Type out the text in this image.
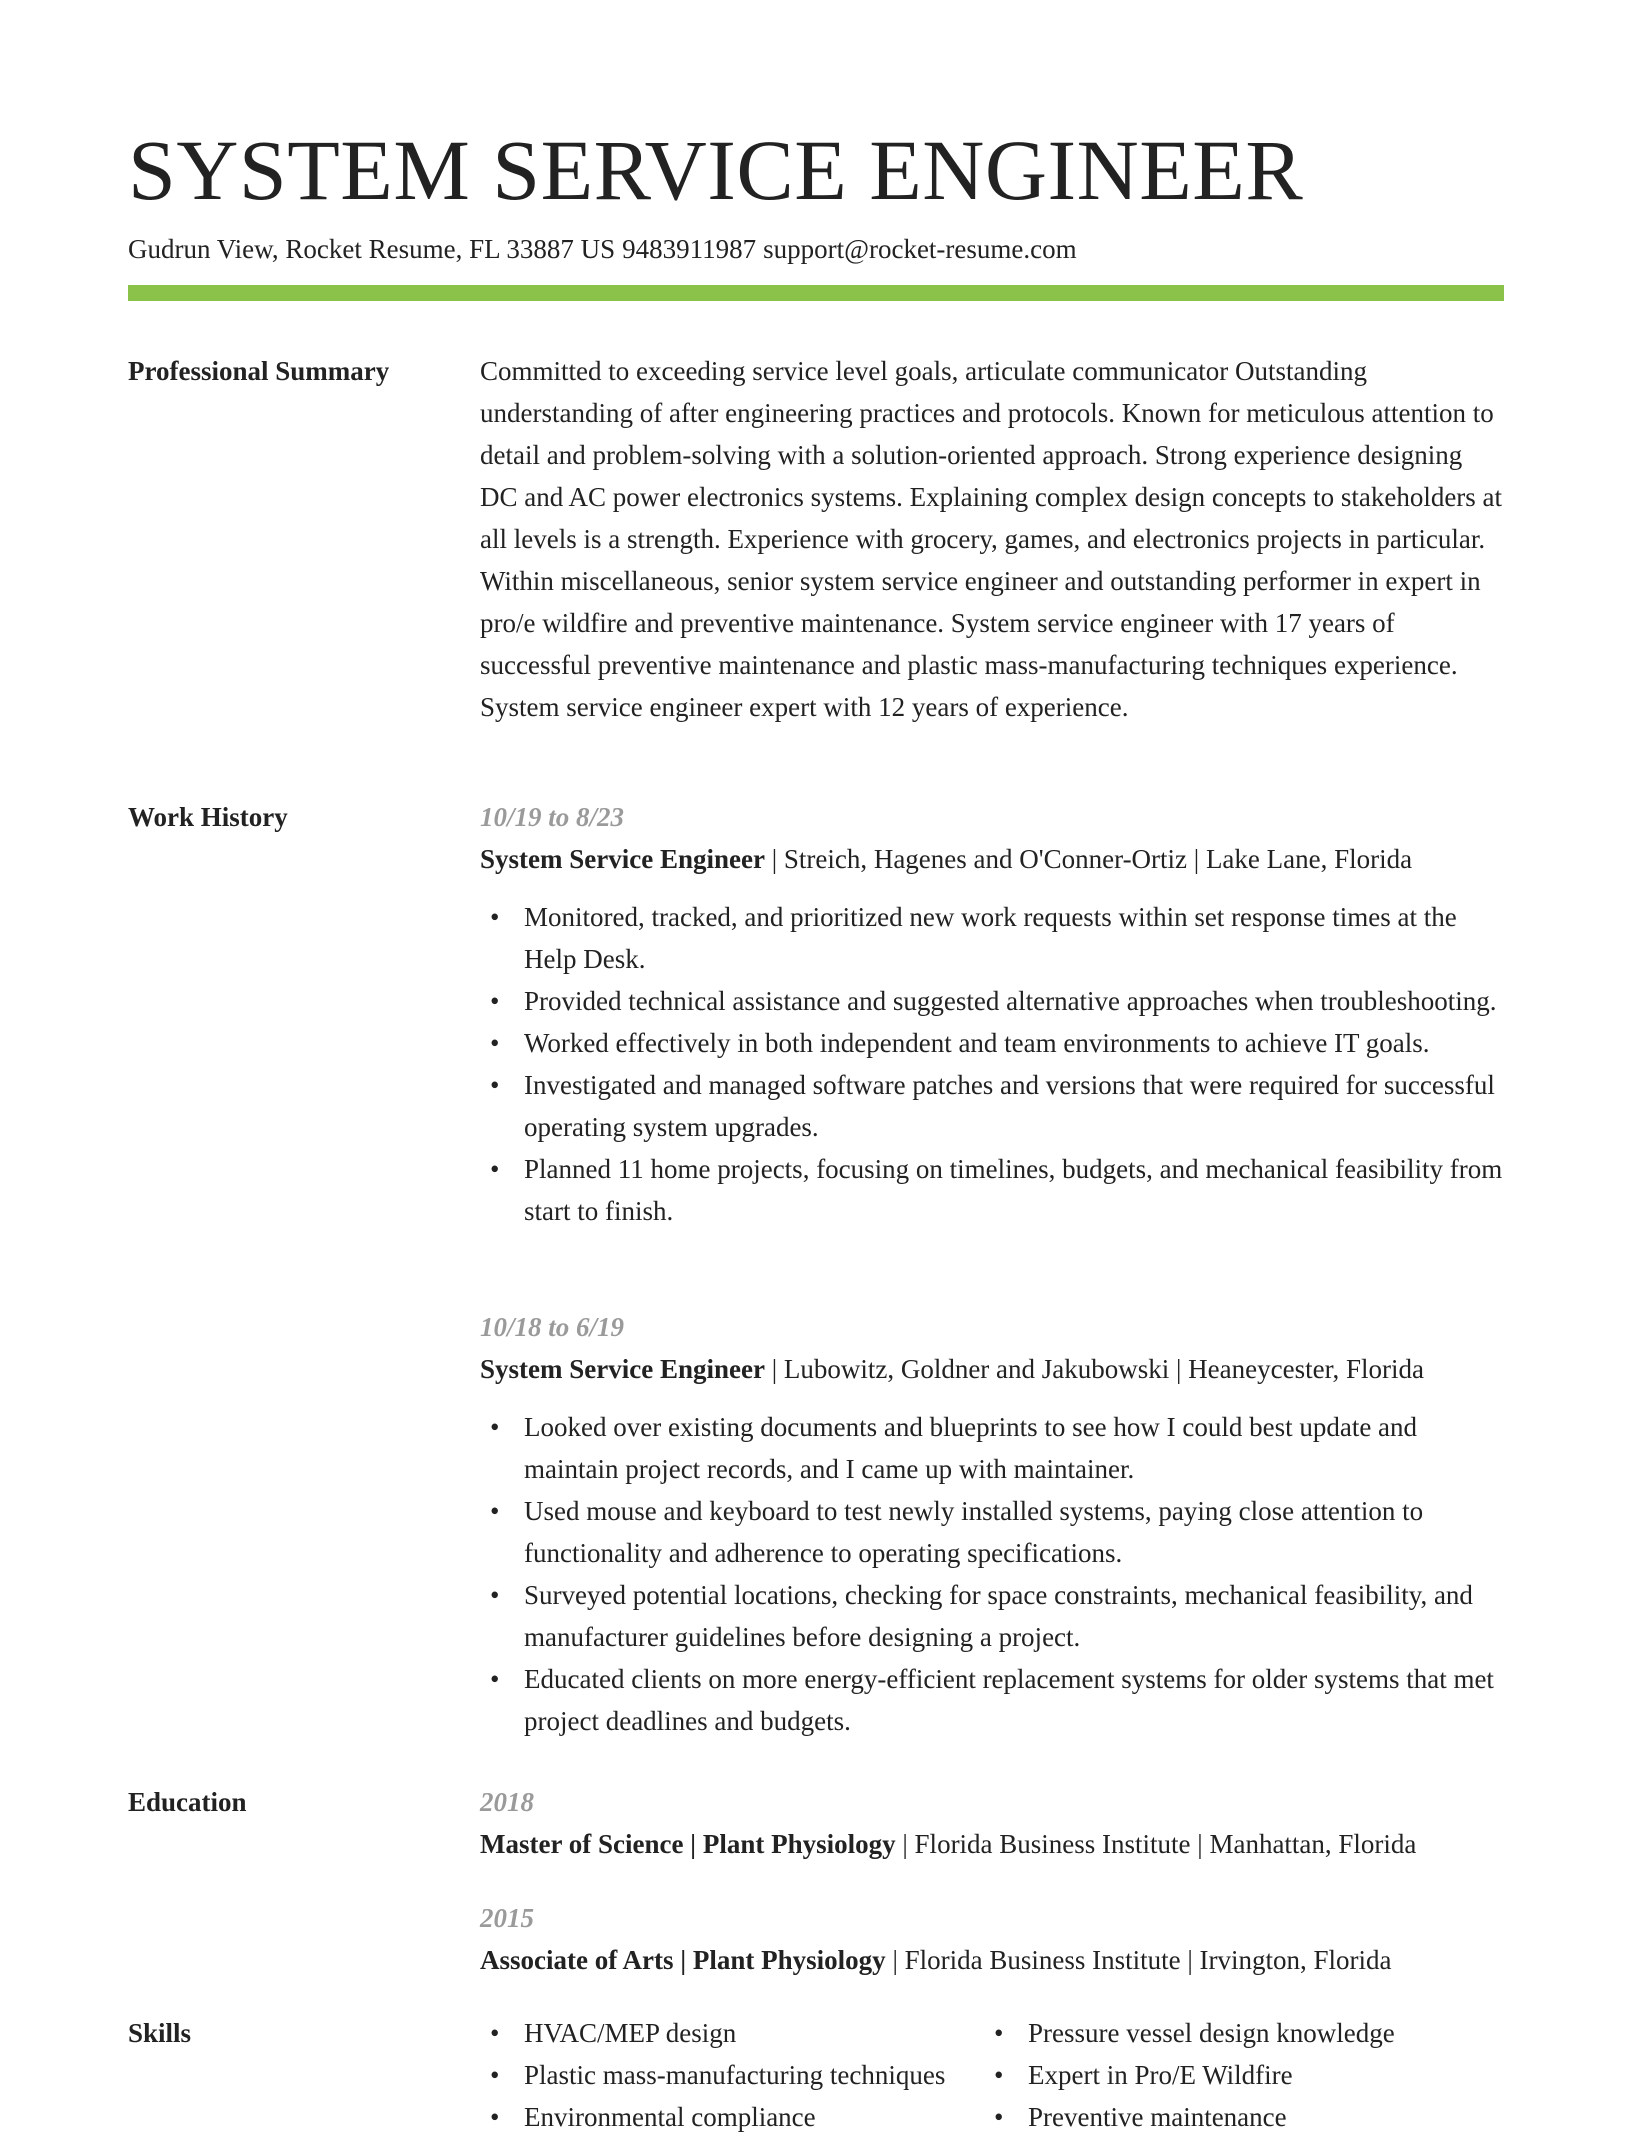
SYSTEM SERVICE ENGINEER
Gudrun View, Rocket Resume, FL 33887 US 9483911987 support@rocket-resume.com
Professional Summary	Committed to exceeding service level goals, articulate communicator Outstanding understanding of after engineering practices and protocols. Known for meticulous attention to detail and problem-solving with a solution-oriented approach. Strong experience designing DC and AC power electronics systems. Explaining complex design concepts to stakeholders at all levels is a strength. Experience with grocery, games, and electronics projects in particular. Within miscellaneous, senior system service engineer and outstanding performer in expert in pro/e wildfire and preventive maintenance. System service engineer with 17 years of successful preventive maintenance and plastic mass-manufacturing techniques experience. System service engineer expert with 12 years of experience.
Work History	10/19 to 8/23
System Service Engineer | Streich, Hagenes and O'Conner-Ortiz | Lake Lane, Florida
• Monitored, tracked, and prioritized new work requests within set response times at the Help Desk.
• Provided technical assistance and suggested alternative approaches when troubleshooting.
• Worked effectively in both independent and team environments to achieve IT goals.
• Investigated and managed software patches and versions that were required for successful operating system upgrades.
• Planned 11 home projects, focusing on timelines, budgets, and mechanical feasibility from start to finish.
10/18 to 6/19
System Service Engineer | Lubowitz, Goldner and Jakubowski | Heaneycester, Florida
• Looked over existing documents and blueprints to see how I could best update and maintain project records, and I came up with maintainer.
• Used mouse and keyboard to test newly installed systems, paying close attention to functionality and adherence to operating specifications.
• Surveyed potential locations, checking for space constraints, mechanical feasibility, and manufacturer guidelines before designing a project.
• Educated clients on more energy-efficient replacement systems for older systems that met project deadlines and budgets.
Education	2018
Master of Science | Plant Physiology | Florida Business Institute | Manhattan, Florida
2015
Associate of Arts | Plant Physiology | Florida Business Institute | Irvington, Florida
Skills
•	HVAC/MEP design
• Plastic mass-manufacturing techniques
• Environmental compliance
• Pressure vessel design knowledge
• Expert in Pro/E Wildfire
• Preventive maintenance
